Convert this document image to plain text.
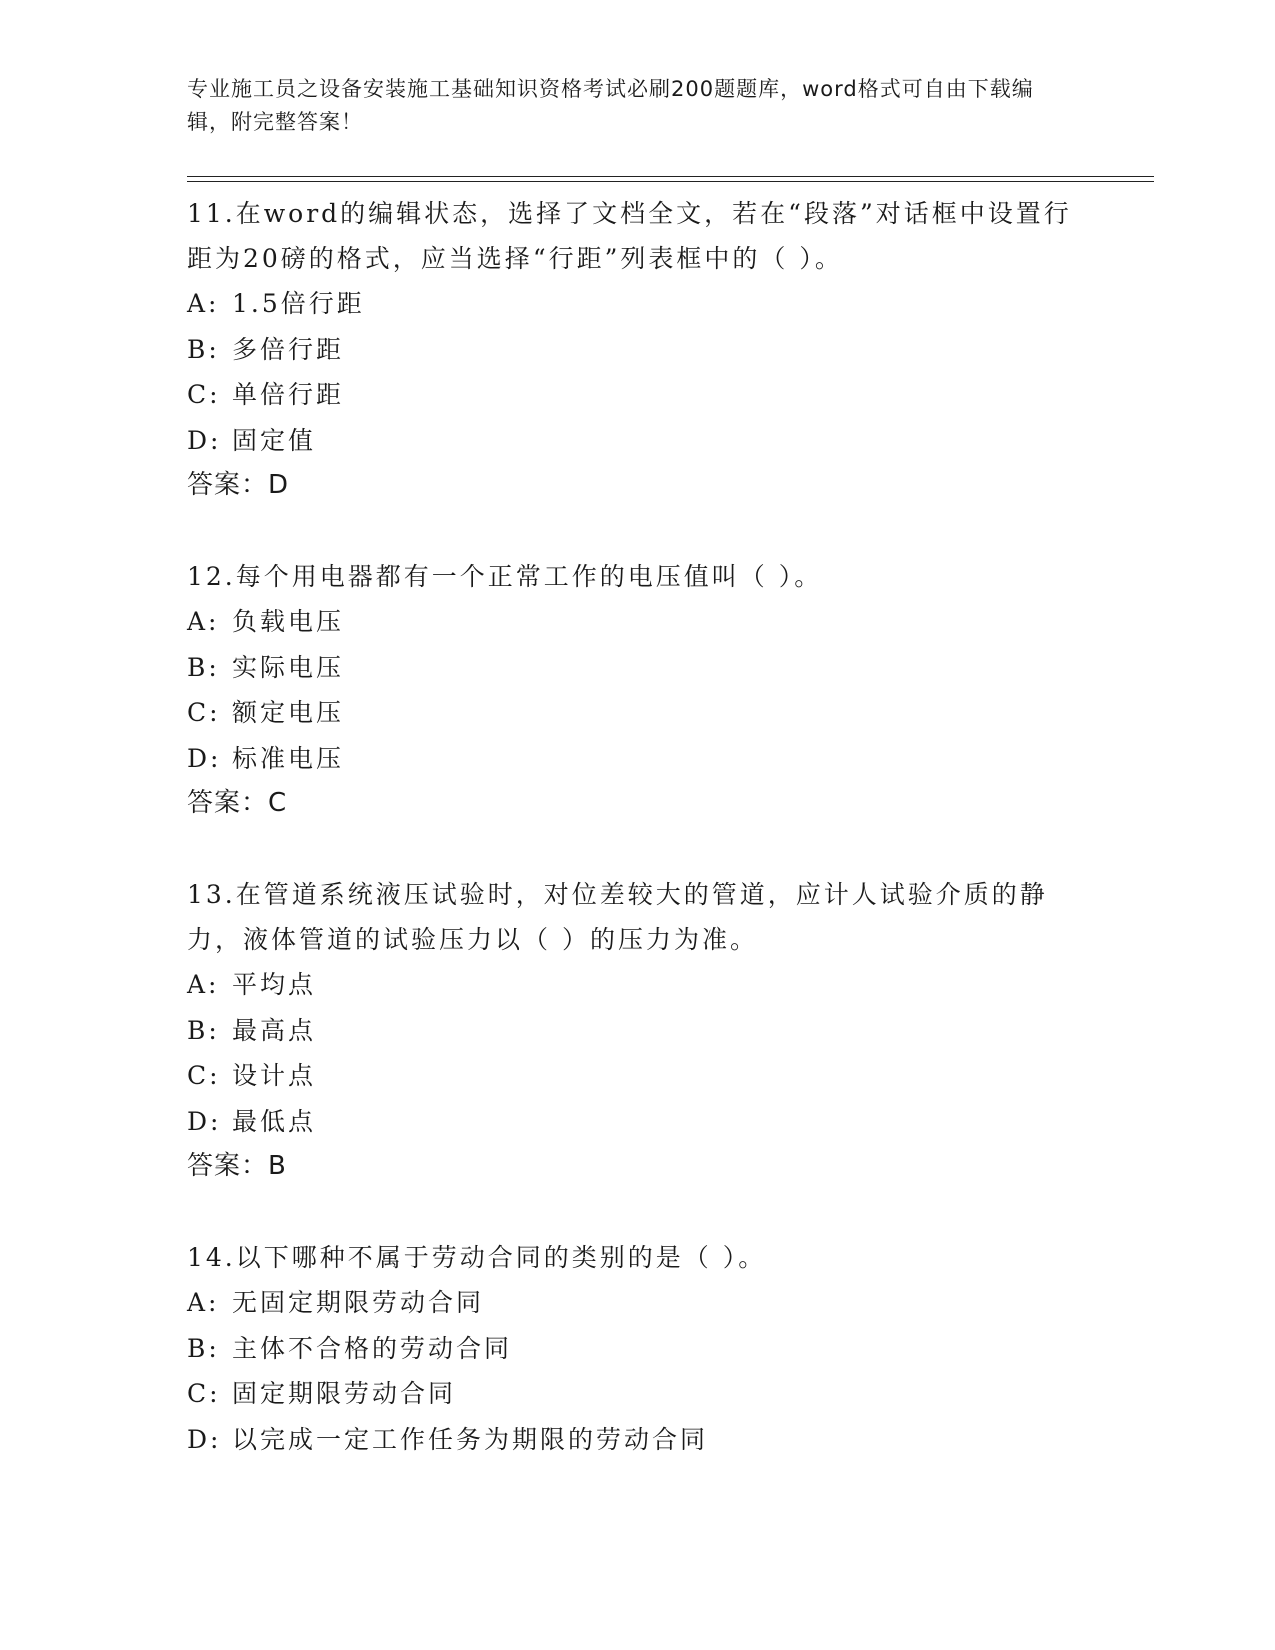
专业施工员之设备安装施工基础知识资格考试必刷200题题库，word格式可自由下载编辑，附完整答案！
11.在word的编辑状态，选择了文档全文，若在“段落”对话框中设置行距为20磅的格式，应当选择“行距”列表框中的（ ）。
A: 1.5倍行距
B: 多倍行距
C: 单倍行距
D: 固定值
答案：D
12.每个用电器都有一个正常工作的电压值叫（ ）。
A: 负载电压
B: 实际电压
C: 额定电压
D: 标准电压
答案：C
13.在管道系统液压试验时，对位差较大的管道，应计人试验介质的静力，液体管道的试验压力以（ ）的压力为准。
A: 平均点
B: 最高点
C: 设计点
D: 最低点
答案：B
14.以下哪种不属于劳动合同的类别的是（ ）。
A: 无固定期限劳动合同
B: 主体不合格的劳动合同
C: 固定期限劳动合同
D: 以完成一定工作任务为期限的劳动合同
